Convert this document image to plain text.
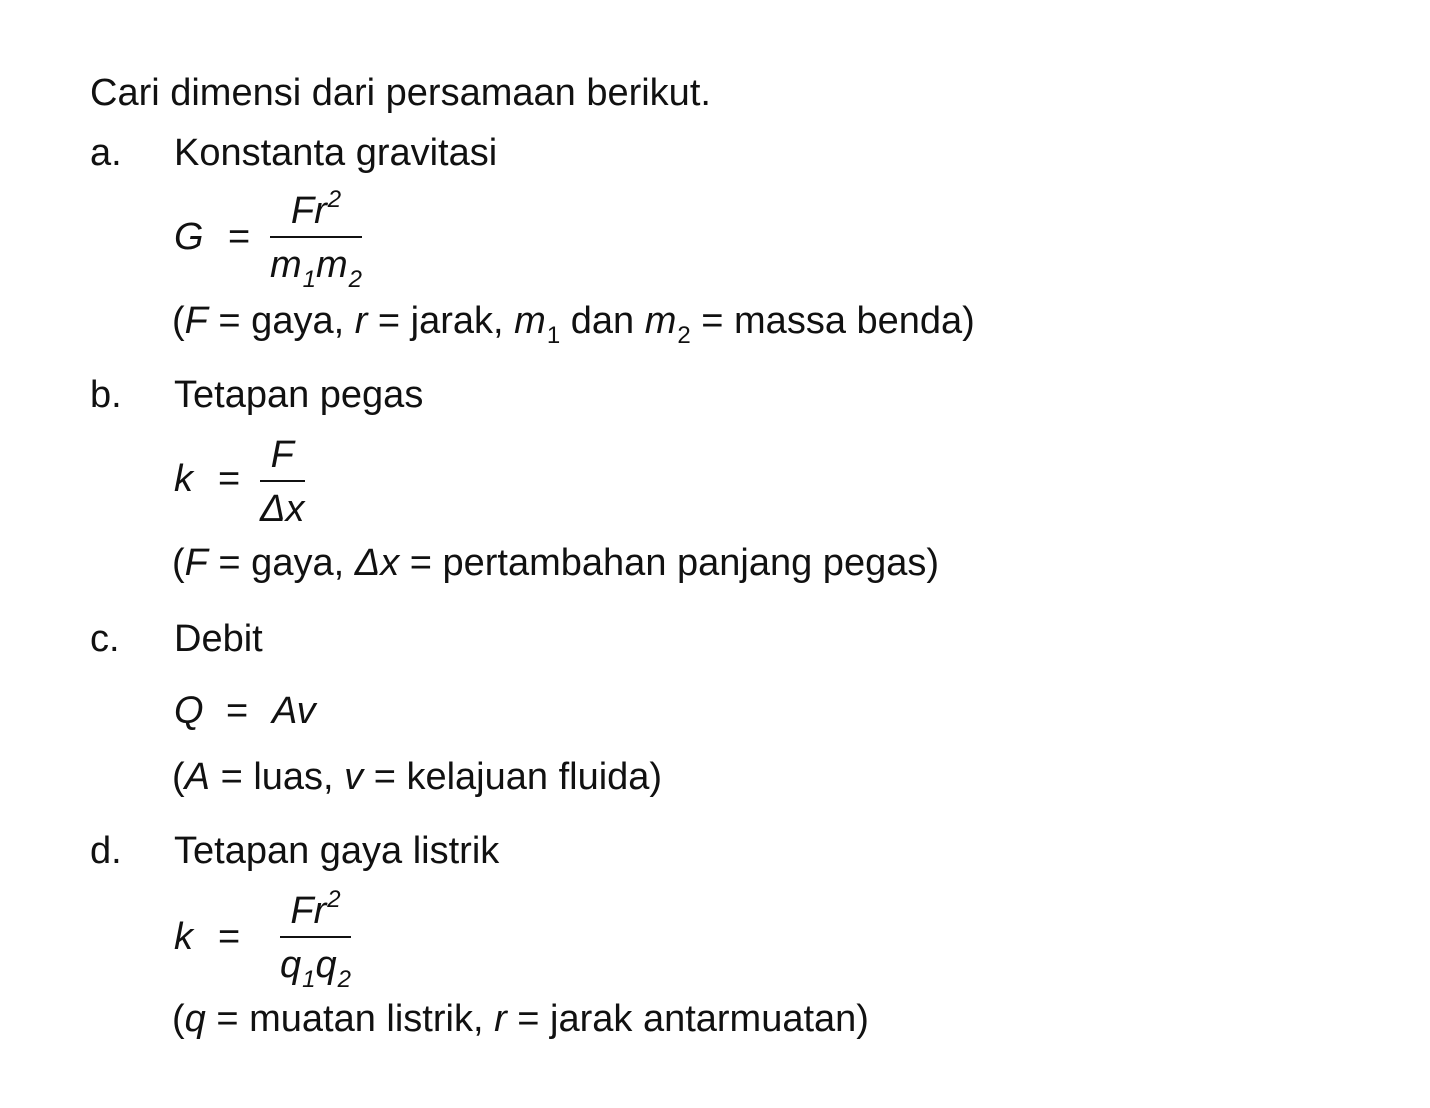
Cari dimensi dari persamaan berikut.
a. Konstanta gravitasi
G =
$Fr^2$
$m_1m_2$
(F = gaya, r = jarak, $m_1$ dan $m_2$ = massa benda)
b. Tetapan pegas
k =
F
Δx
(F = gaya, Δx = pertambahan panjang pegas)
c. Debit
Q = Av
(A = luas, v = kelajuan fluida)
d. Tetapan gaya listrik
k =
$Fr^2$
$q_1q_2$
(q = muatan listrik, r = jarak antarmuatan)
